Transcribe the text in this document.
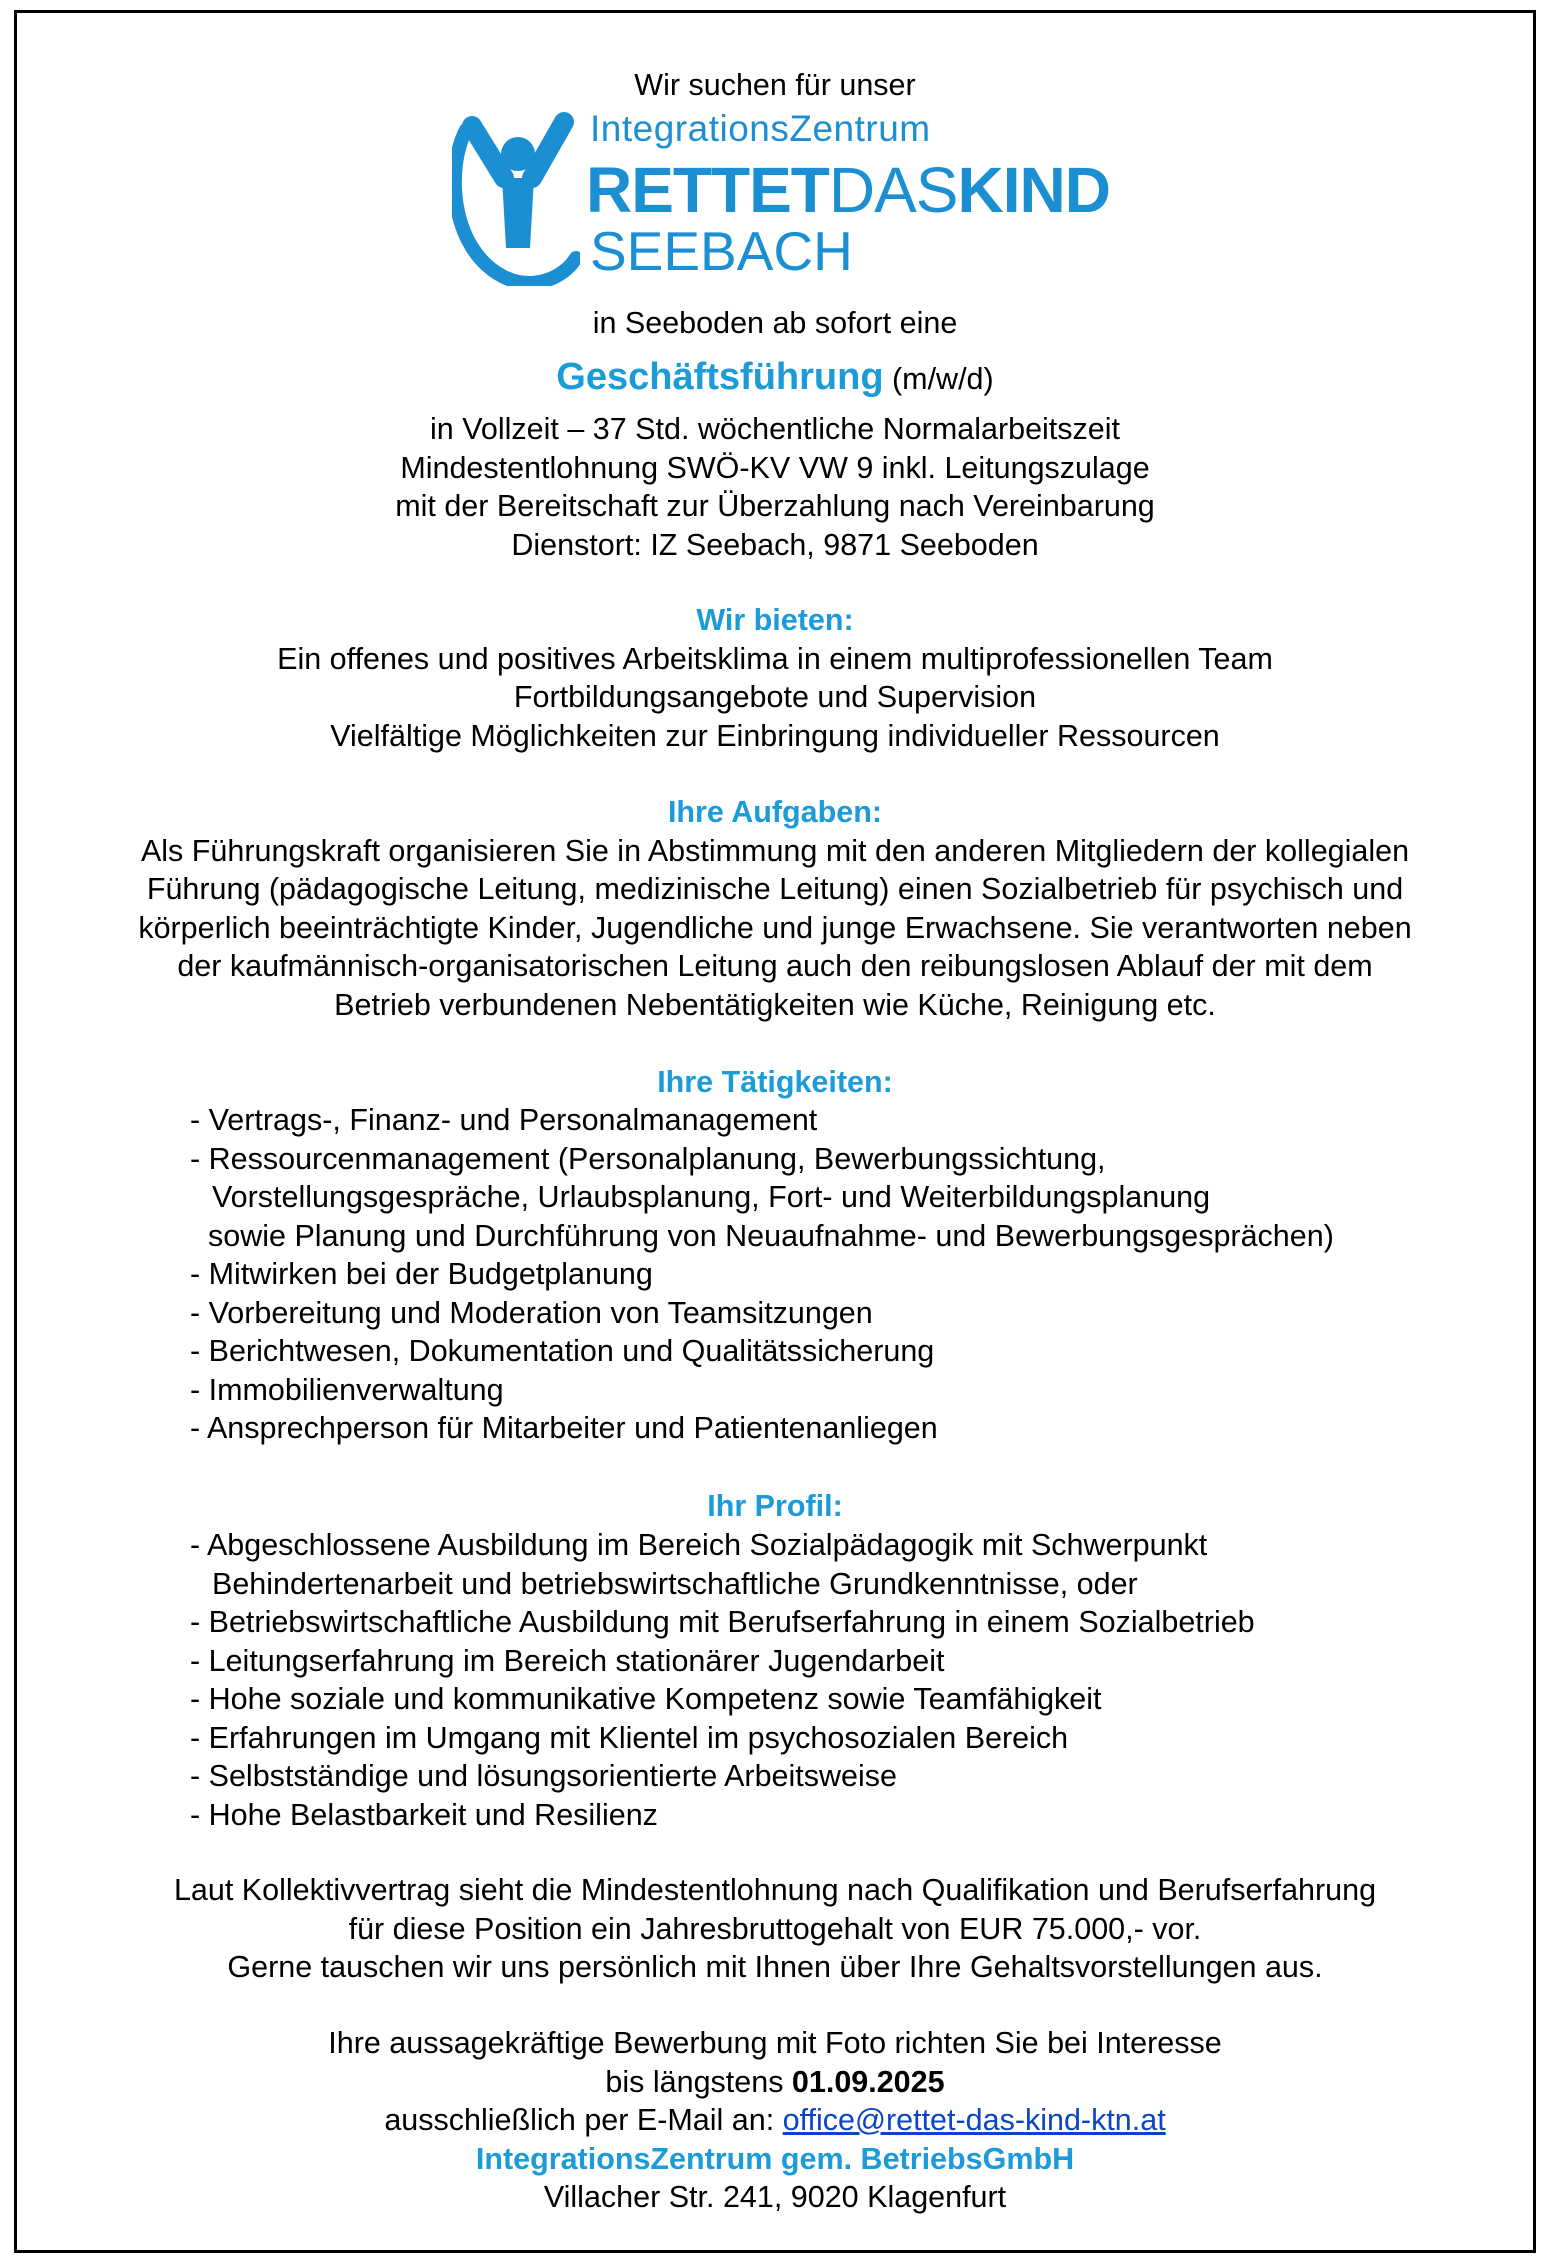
Wir suchen für unser
IntegrationsZentrum
RETTETDASKIND
SEEBACH
in Seeboden ab sofort eine
Geschäftsführung (m/w/d)
in Vollzeit – 37 Std. wöchentliche Normalarbeitszeit
Mindestentlohnung SWÖ-KV VW 9 inkl. Leitungszulage
mit der Bereitschaft zur Überzahlung nach Vereinbarung
Dienstort: IZ Seebach, 9871 Seeboden
Wir bieten:
Ein offenes und positives Arbeitsklima in einem multiprofessionellen Team
Fortbildungsangebote und Supervision
Vielfältige Möglichkeiten zur Einbringung individueller Ressourcen
Ihre Aufgaben:
Als Führungskraft organisieren Sie in Abstimmung mit den anderen Mitgliedern der kollegialen
Führung (pädagogische Leitung, medizinische Leitung) einen Sozialbetrieb für psychisch und
körperlich beeinträchtigte Kinder, Jugendliche und junge Erwachsene. Sie verantworten neben
der kaufmännisch-organisatorischen Leitung auch den reibungslosen Ablauf der mit dem
Betrieb verbundenen Nebentätigkeiten wie Küche, Reinigung etc.
Ihre Tätigkeiten:
- Vertrags-, Finanz- und Personalmanagement
- Ressourcenmanagement (Personalplanung, Bewerbungssichtung,
Vorstellungsgespräche, Urlaubsplanung, Fort- und Weiterbildungsplanung
sowie Planung und Durchführung von Neuaufnahme- und Bewerbungsgesprächen)
- Mitwirken bei der Budgetplanung
- Vorbereitung und Moderation von Teamsitzungen
- Berichtwesen, Dokumentation und Qualitätssicherung
- Immobilienverwaltung
- Ansprechperson für Mitarbeiter und Patientenanliegen
Ihr Profil:
- Abgeschlossene Ausbildung im Bereich Sozialpädagogik mit Schwerpunkt
Behindertenarbeit und betriebswirtschaftliche Grundkenntnisse, oder
- Betriebswirtschaftliche Ausbildung mit Berufserfahrung in einem Sozialbetrieb
- Leitungserfahrung im Bereich stationärer Jugendarbeit
- Hohe soziale und kommunikative Kompetenz sowie Teamfähigkeit
- Erfahrungen im Umgang mit Klientel im psychosozialen Bereich
- Selbstständige und lösungsorientierte Arbeitsweise
- Hohe Belastbarkeit und Resilienz
Laut Kollektivvertrag sieht die Mindestentlohnung nach Qualifikation und Berufserfahrung
für diese Position ein Jahresbruttogehalt von EUR 75.000,- vor.
Gerne tauschen wir uns persönlich mit Ihnen über Ihre Gehaltsvorstellungen aus.
Ihre aussagekräftige Bewerbung mit Foto richten Sie bei Interesse
bis längstens 01.09.2025
ausschließlich per E-Mail an: office@rettet-das-kind-ktn.at
IntegrationsZentrum gem. BetriebsGmbH
Villacher Str. 241, 9020 Klagenfurt
